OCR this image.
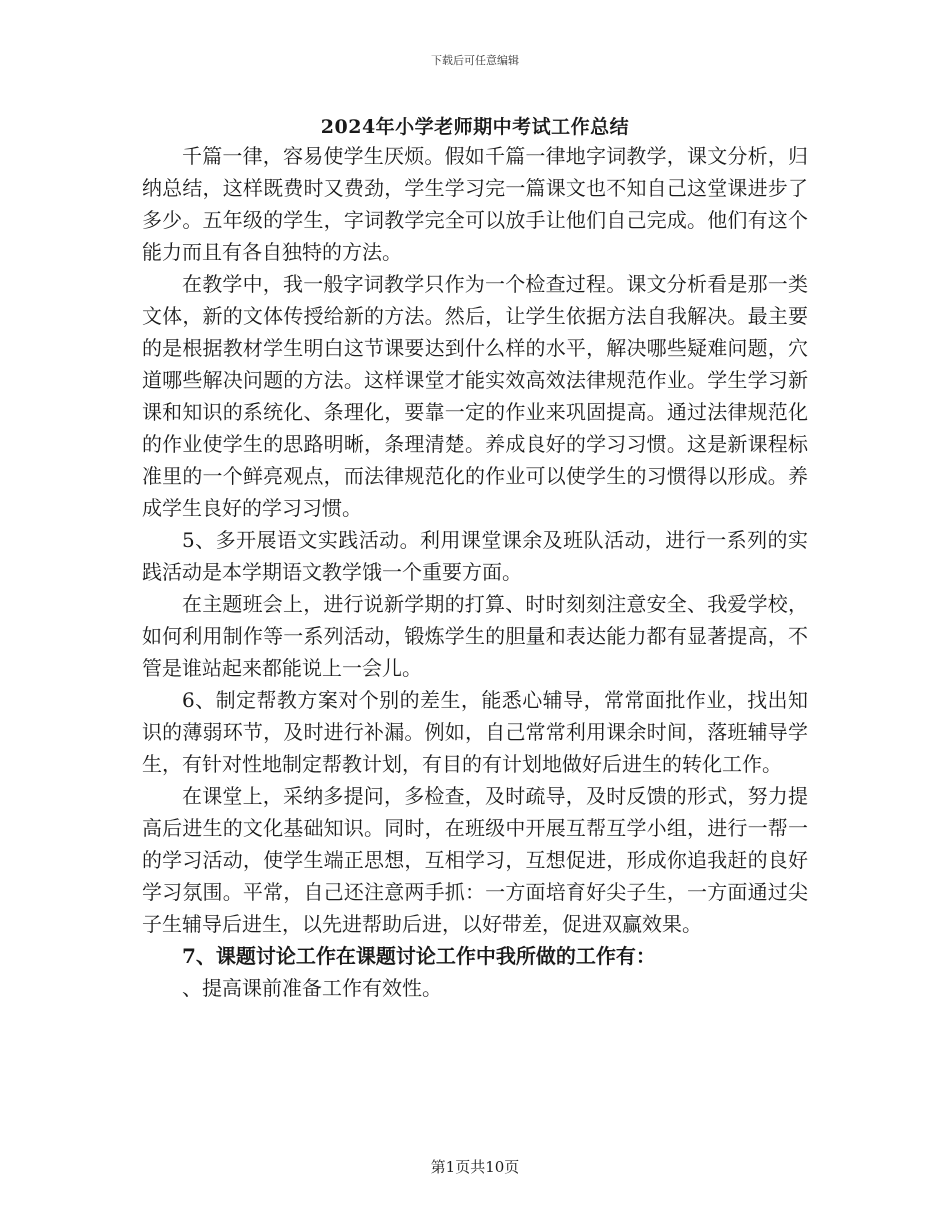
下载后可任意编辑
2024年小学老师期中考试工作总结

千篇一律，容易使学生厌烦。假如千篇一律地字词教学，课文分析，归纳总结，这样既费时又费劲，学生学习完一篇课文也不知自己这堂课进步了多少。五年级的学生，字词教学完全可以放手让他们自己完成。他们有这个能力而且有各自独特的方法。

在教学中，我一般字词教学只作为一个检查过程。课文分析看是那一类文体，新的文体传授给新的方法。然后，让学生依据方法自我解决。最主要的是根据教材学生明白这节课要达到什么样的水平，解决哪些疑难问题，穴道哪些解决问题的方法。这样课堂才能实效高效法律规范作业。学生学习新课和知识的系统化、条理化，要靠一定的作业来巩固提高。通过法律规范化的作业使学生的思路明晰，条理清楚。养成良好的学习习惯。这是新课程标准里的一个鲜亮观点，而法律规范化的作业可以使学生的习惯得以形成。养成学生良好的学习习惯。

5、多开展语文实践活动。利用课堂课余及班队活动，进行一系列的实践活动是本学期语文教学饿一个重要方面。

在主题班会上，进行说新学期的打算、时时刻刻注意安全、我爱学校，如何利用制作等一系列活动，锻炼学生的胆量和表达能力都有显著提高，不管是谁站起来都能说上一会儿。

6、制定帮教方案对个别的差生，能悉心辅导，常常面批作业，找出知识的薄弱环节，及时进行补漏。例如，自己常常利用课余时间，落班辅导学生，有针对性地制定帮教计划，有目的有计划地做好后进生的转化工作。

在课堂上，采纳多提问，多检查，及时疏导，及时反馈的形式，努力提高后进生的文化基础知识。同时，在班级中开展互帮互学小组，进行一帮一的学习活动，使学生端正思想，互相学习，互想促进，形成你追我赶的良好学习氛围。平常，自己还注意两手抓：一方面培育好尖子生，一方面通过尖子生辅导后进生，以先进帮助后进，以好带差，促进双赢效果。

7、课题讨论工作在课题讨论工作中我所做的工作有：

、提高课前准备工作有效性。

第1页共10页
